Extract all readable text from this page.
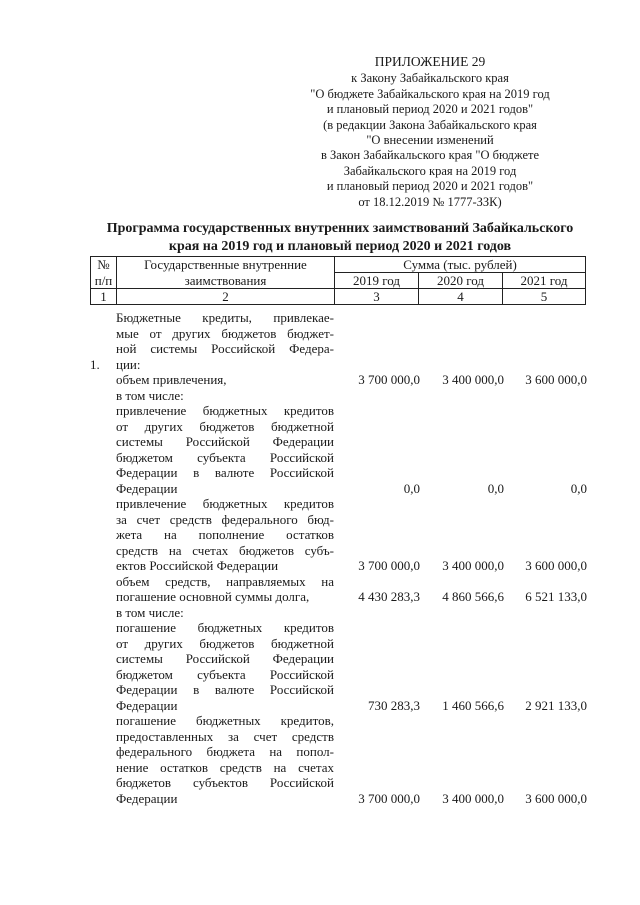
ПРИЛОЖЕНИЕ 29
к Закону Забайкальского края
"О бюджете Забайкальского края на 2019 год
и плановый период 2020 и 2021 годов"
(в редакции Закона Забайкальского края
"О внесении изменений
в Закон Забайкальского края "О бюджете
Забайкальского края на 2019 год
и плановый период 2020 и 2021 годов"
от 18.12.2019 № 1777-ЗЗК)
Программа государственных внутренних заимствований Забайкальского
края на 2019 год и плановый период 2020 и 2021 годов
№	Государственные внутренние	Сумма (тыс. рублей)		
п/п	заимствования	2019 год	2020 год	2021 год
1	2	3	4	5
1.
Бюджетные кредиты, привлекае-
мые от других бюджетов бюджет-
ной системы Российской Федера-
ции:
объем привлечения,	3 700 000,0	3 400 000,0	3 600 000,0
в том числе:
привлечение бюджетных кредитов
от других бюджетов бюджетной
системы Российской Федерации
бюджетом субъекта Российской
Федерации в валюте Российской
Федерации	0,0	0,0	0,0
привлечение бюджетных кредитов
за счет средств федерального бюд-
жета на пополнение остатков
средств на счетах бюджетов субъ-
ектов Российской Федерации	3 700 000,0	3 400 000,0	3 600 000,0
объем средств, направляемых на
погашение основной суммы долга,	4 430 283,3	4 860 566,6	6 521 133,0
в том числе:
погашение бюджетных кредитов
от других бюджетов бюджетной
системы Российской Федерации
бюджетом субъекта Российской
Федерации в валюте Российской
Федерации	730 283,3	1 460 566,6	2 921 133,0
погашение бюджетных кредитов,
предоставленных за счет средств
федерального бюджета на попол-
нение остатков средств на счетах
бюджетов субъектов Российской
Федерации	3 700 000,0	3 400 000,0	3 600 000,0
